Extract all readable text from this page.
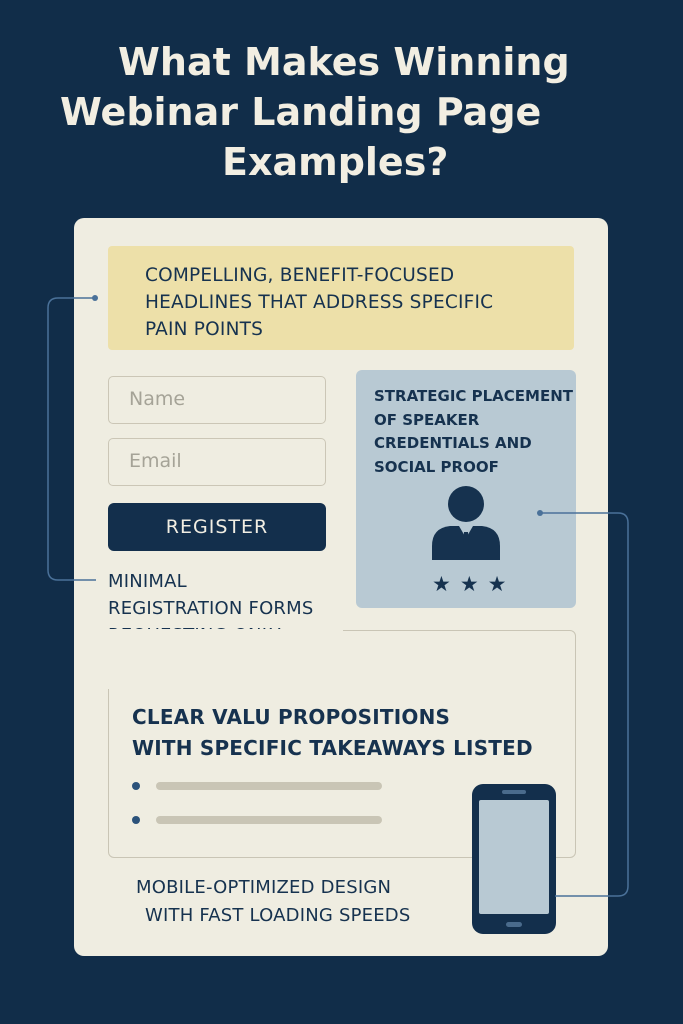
What Makes Winning
Webinar Landing Page
Examples?
COMPELLING, BENEFIT-FOCUSED
HEADLINES THAT ADDRESS SPECIFIC
PAIN POINTS
Name
Email
REGISTER
MINIMAL
REGISTRATION FORMS
STRATEGIC PLACEMENT
OF SPEAKER
CREDENTIALS AND
SOCIAL PROOF
★★★
CLEAR VALU PROPOSITIONS
WITH SPECIFIC TAKEAWAYS LISTED
MOBILE-OPTIMIZED DESIGN
WITH FAST LOADING SPEEDS
